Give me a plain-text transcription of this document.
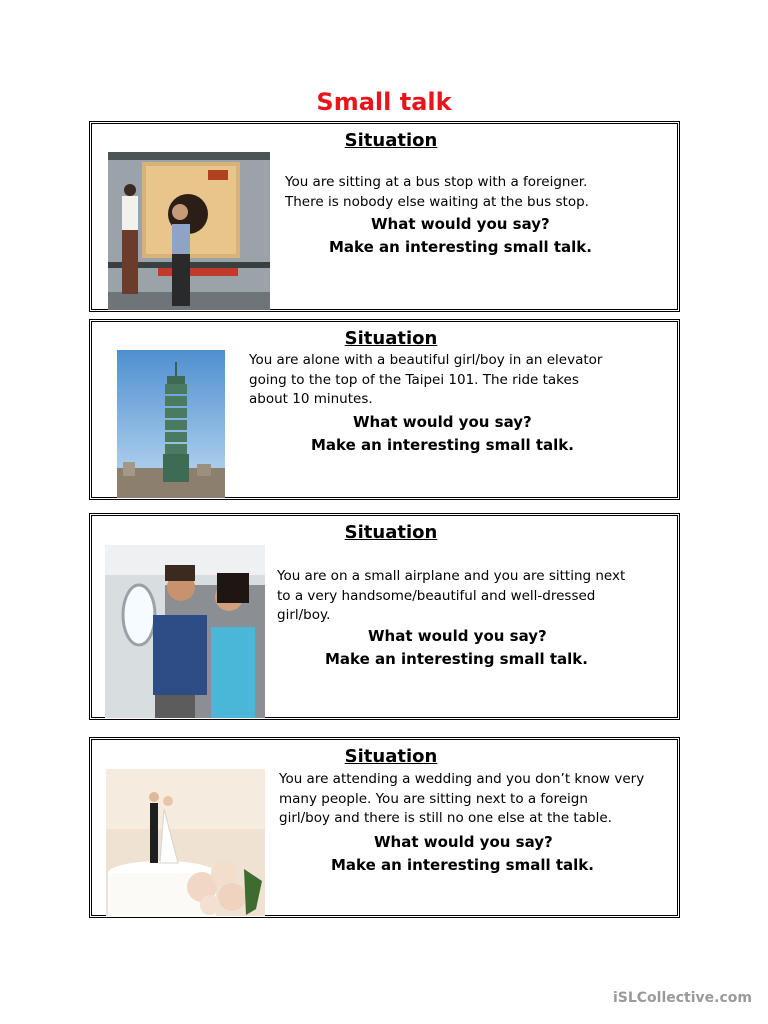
Small talk
Situation
You are sitting at a bus stop with a foreigner.
There is nobody else waiting at the bus stop.
What would you say?
Make an interesting small talk.
Situation
You are alone with a beautiful girl/boy in an elevator
going to the top of the Taipei 101. The ride takes
about 10 minutes.
What would you say?
Make an interesting small talk.
Situation
You are on a small airplane and you are sitting next
to a very handsome/beautiful and well-dressed
girl/boy.
What would you say?
Make an interesting small talk.
Situation
You are attending a wedding and you don’t know very
many people. You are sitting next to a foreign
girl/boy and there is still no one else at the table.
What would you say?
Make an interesting small talk.
iSLCollective.com
